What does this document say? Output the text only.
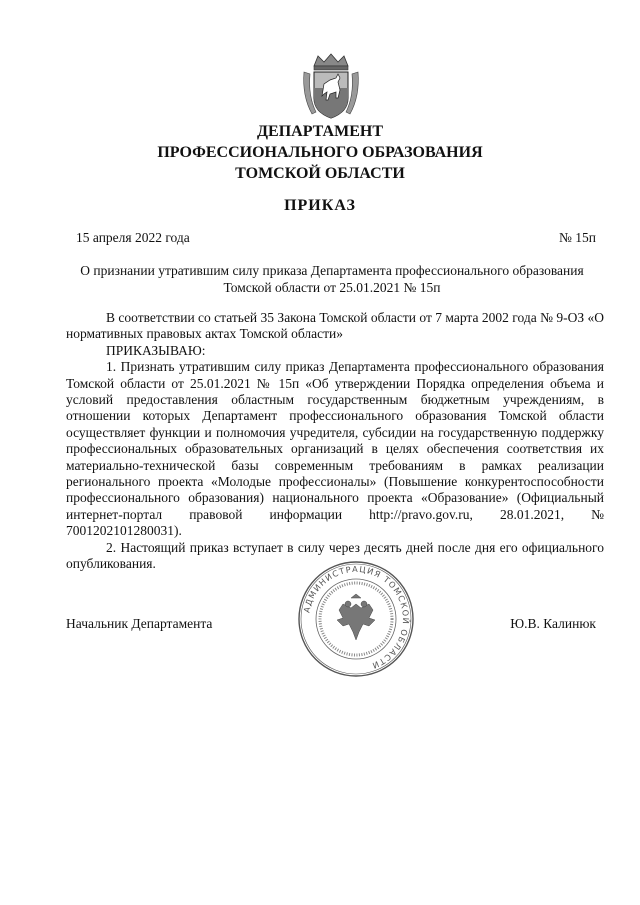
ДЕПАРТАМЕНТ
ПРОФЕССИОНАЛЬНОГО ОБРАЗОВАНИЯ
ТОМСКОЙ ОБЛАСТИ
ПРИКАЗ
15 апреля 2022 года	№ 15п
О признании утратившим силу приказа Департамента профессионального образования Томской области от 25.01.2021 № 15п

В соответствии со статьей 35 Закона Томской области от 7 марта 2002 года № 9-ОЗ «О нормативных правовых актах Томской области»

ПРИКАЗЫВАЮ:

1. Признать утратившим силу приказ Департамента профессионального образования Томской области от 25.01.2021 № 15п «Об утверждении Порядка определения объема и условий предоставления областным государственным бюджетным учреждениям, в отношении которых Департамент профессионального образования Томской области осуществляет функции и полномочия учредителя, субсидии на государственную поддержку профессиональных образовательных организаций в целях обеспечения соответствия их материально-технической базы современным требованиям в рамках реализации регионального проекта «Молодые профессионалы» (Повышение конкурентоспособности профессионального образования) национального проекта «Образование» (Официальный интернет-портал правовой информации http://pravo.gov.ru, 28.01.2021, № 7001202101280031).

2. Настоящий приказ вступает в силу через десять дней после дня его официального опубликования.

АДМИНИСТРАЦИЯ ТОМСКОЙ ОБЛАСТИ
Начальник Департамента	Ю.В. Калинюк
